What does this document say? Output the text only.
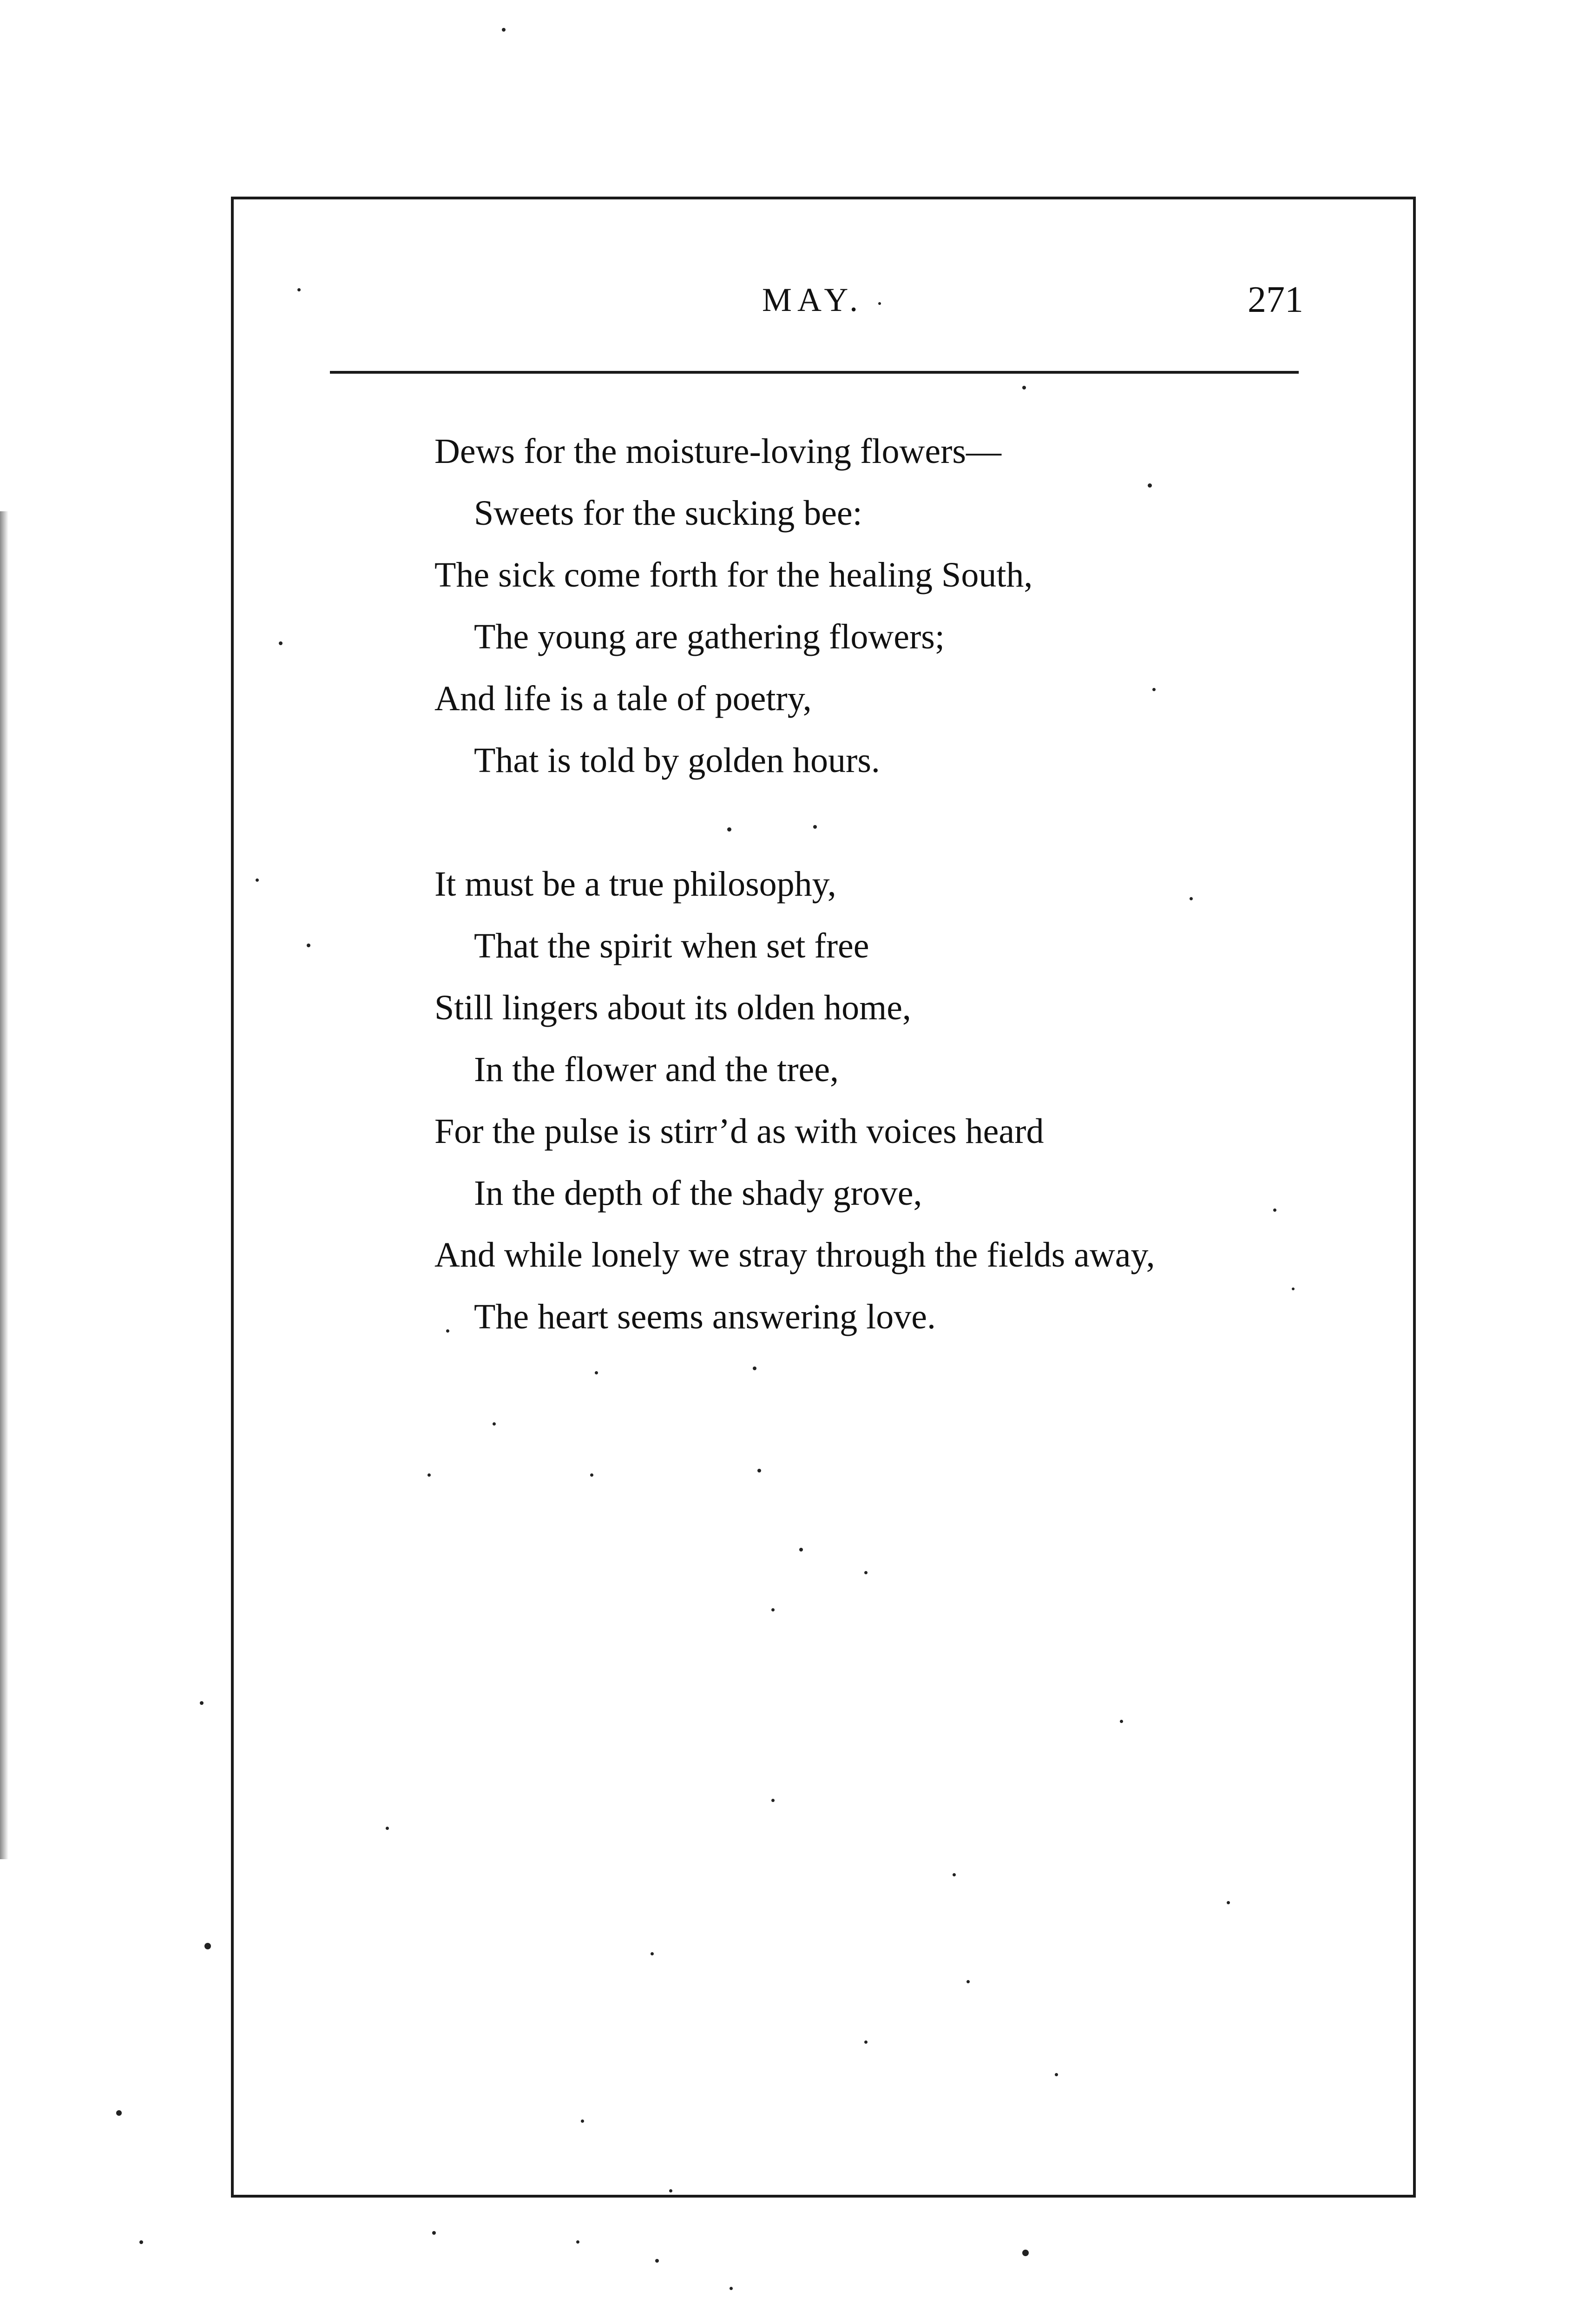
MAY.	271
Dews for the moisture-loving flowers—
Sweets for the sucking bee:
The sick come forth for the healing South,
The young are gathering flowers;
And life is a tale of poetry,
That is told by golden hours.
It must be a true philosophy,
That the spirit when set free
Still lingers about its olden home,
In the flower and the tree,
For the pulse is stirr’d as with voices heard
In the depth of the shady grove,
And while lonely we stray through the fields away,
The heart seems answering love.
